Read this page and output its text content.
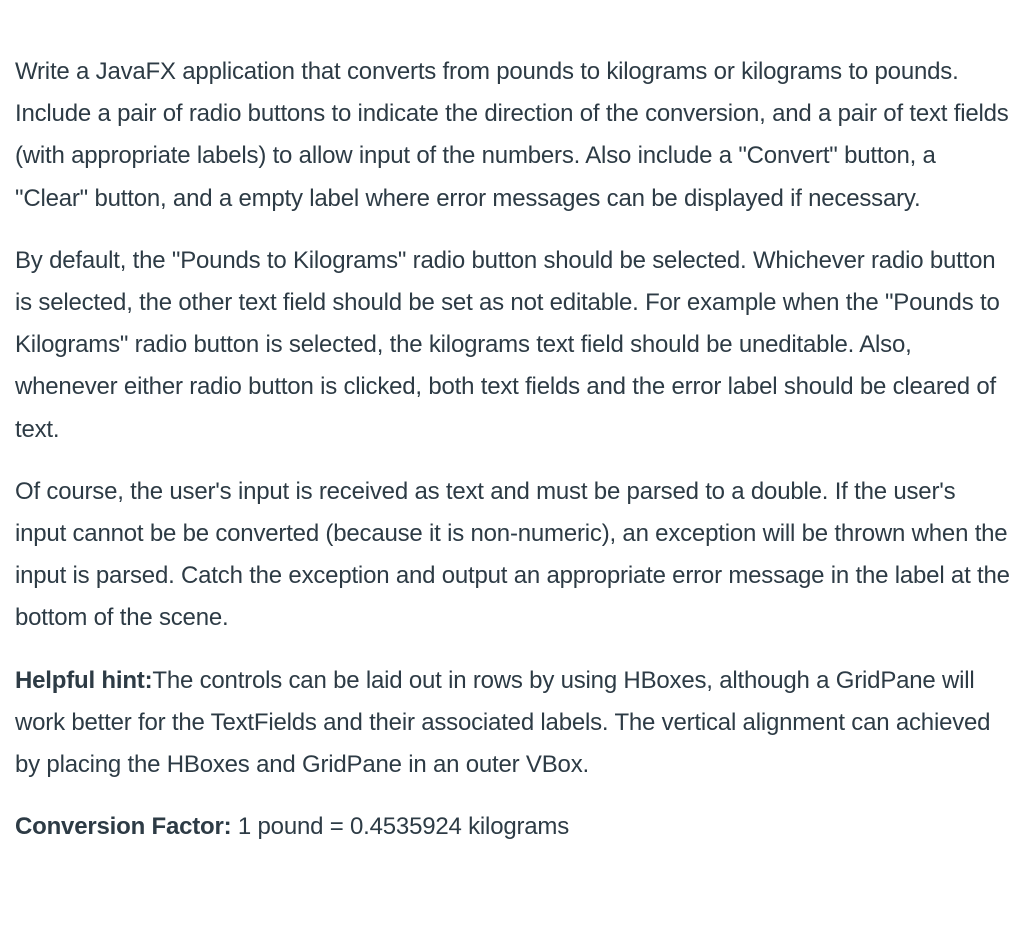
Write a JavaFX application that converts from pounds to kilograms or kilograms to pounds. Include a pair of radio buttons to indicate the direction of the conversion, and a pair of text fields (with appropriate labels) to allow input of the numbers. Also include a "Convert" button, a "Clear" button, and a empty label where error messages can be displayed if necessary.

By default, the "Pounds to Kilograms" radio button should be selected. Whichever radio button is selected, the other text field should be set as not editable. For example when the "Pounds to Kilograms" radio button is selected, the kilograms text field should be uneditable. Also, whenever either radio button is clicked, both text fields and the error label should be cleared of text.

Of course, the user's input is received as text and must be parsed to a double. If the user's input cannot be be converted (because it is non-numeric), an exception will be thrown when the input is parsed. Catch the exception and output an appropriate error message in the label at the bottom of the scene.

Helpful hint:The controls can be laid out in rows by using HBoxes, although a GridPane will work better for the TextFields and their associated labels. The vertical alignment can achieved by placing the HBoxes and GridPane in an outer VBox.

Conversion Factor: 1 pound = 0.4535924 kilograms
